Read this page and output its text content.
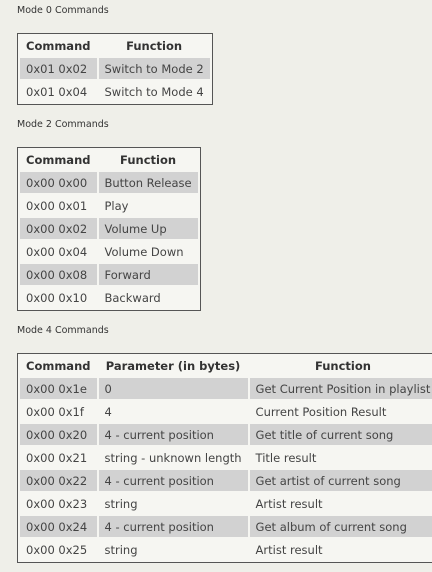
Mode 0 Commands
Command	Function
0x01 0x02	Switch to Mode 2
0x01 0x04	Switch to Mode 4
Mode 2 Commands
Command	Function
0x00 0x00	Button Release
0x00 0x01	Play
0x00 0x02	Volume Up
0x00 0x04	Volume Down
0x00 0x08	Forward
0x00 0x10	Backward
Mode 4 Commands
Command	Parameter (in bytes)	Function
0x00 0x1e	0	Get Current Position in playlist
0x00 0x1f	4	Current Position Result
0x00 0x20	4 - current position	Get title of current song
0x00 0x21	string - unknown length	Title result
0x00 0x22	4 - current position	Get artist of current song
0x00 0x23	string	Artist result
0x00 0x24	4 - current position	Get album of current song
0x00 0x25	string	Artist result
